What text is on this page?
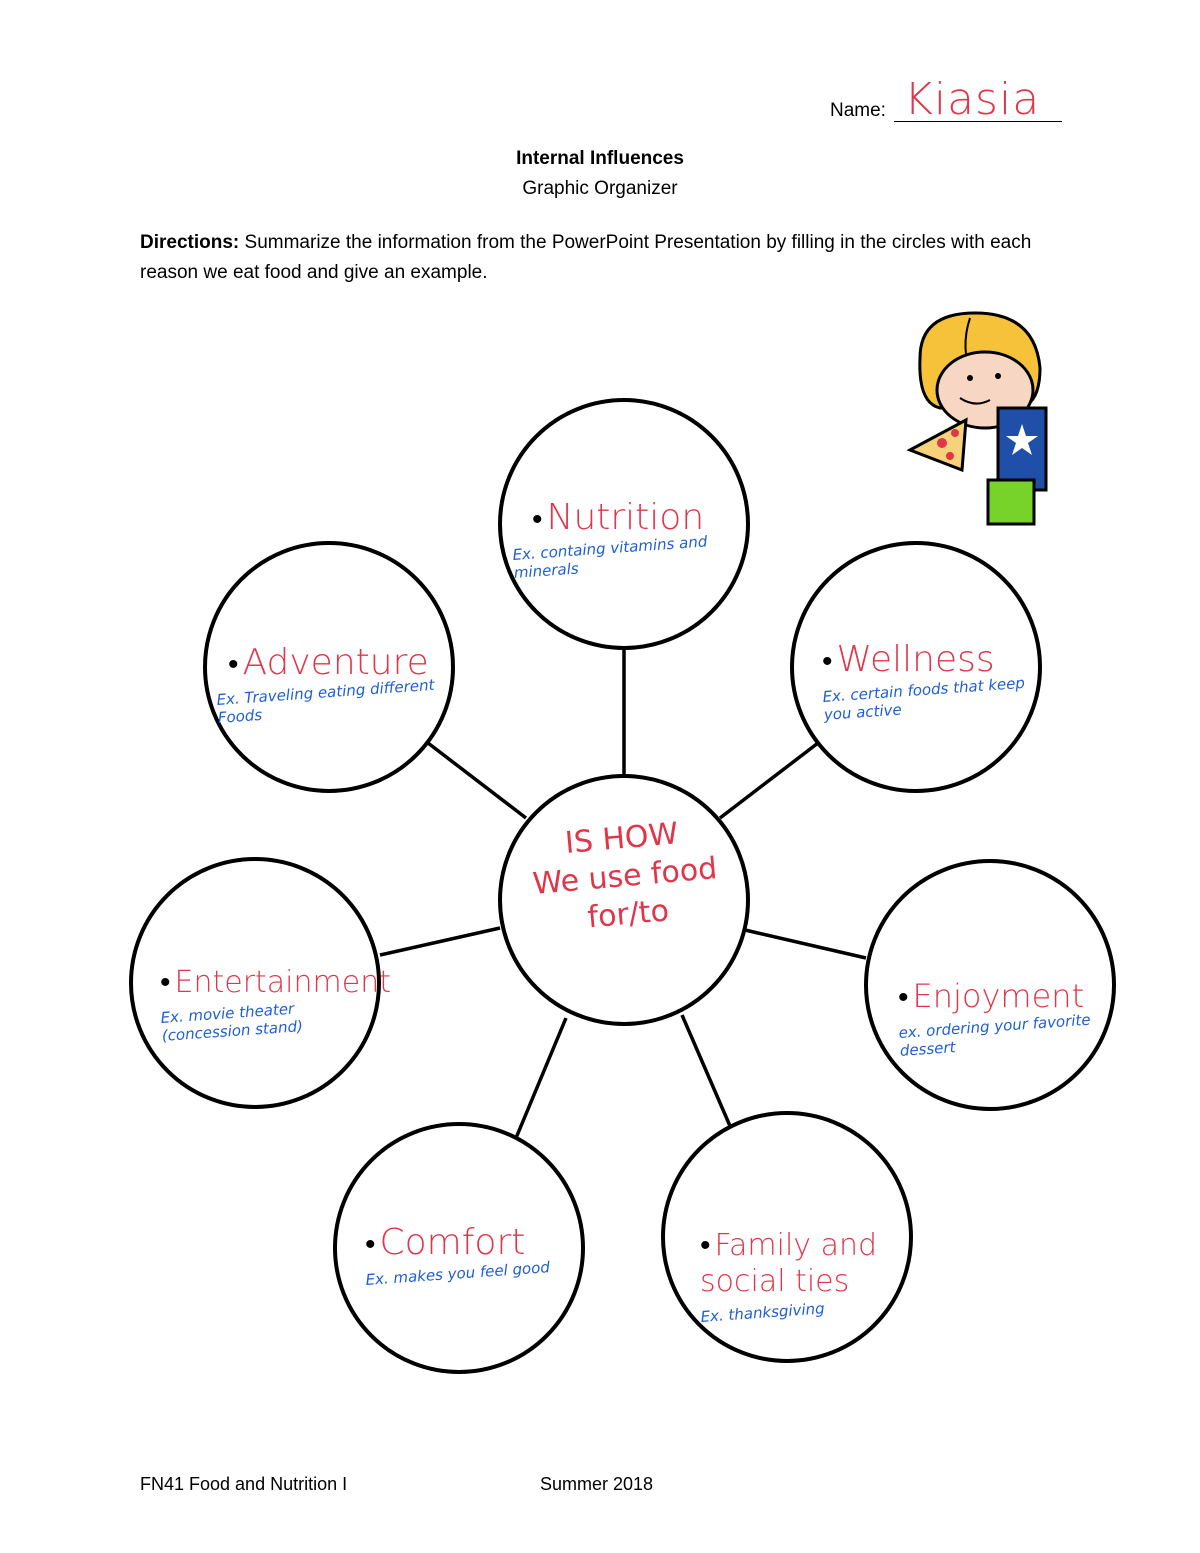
Name: Kiasia
Internal Influences
Graphic Organizer
Directions: Summarize the information from the PowerPoint Presentation by filling in the circles with each reason we eat food and give an example.
IS HOW
We use food for/to
• Nutrition
Ex. containg vitamins and minerals
• Wellness
Ex. certain foods that keep you active
• Enjoyment
ex. ordering your favorite dessert
• Family and social ties
Ex. thanksgiving
• Comfort
Ex. makes you feel good
• Entertainment
Ex. movie theater (concession stand)
• Adventure
Ex. Traveling eating different Foods
FN41 Food and Nutrition I	Summer 2018
